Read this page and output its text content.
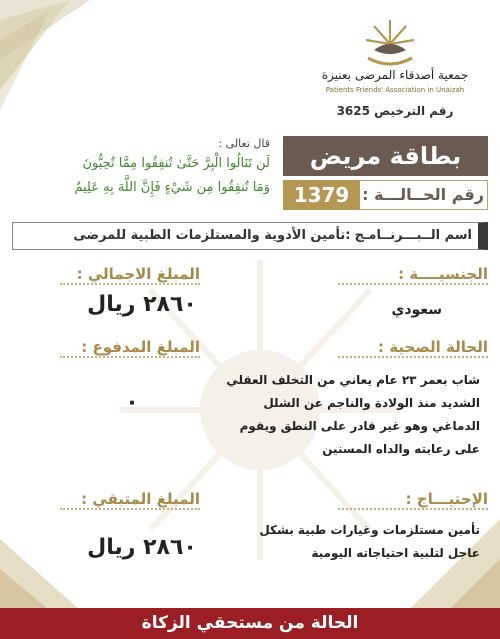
جمعية أصدقاء المرضى بعنيزة
Patients Friends' Association in Unaizah
رقم الترخيص 3625
بطاقة مريض
رقم الحــالـــة :
1379
قال تعالى :
لَن تَنَالُوا الْبِرَّ حَتَّىٰ تُنفِقُوا مِمَّا تُحِبُّونَ
وَمَا تُنفِقُوا مِن شَيْءٍ فَإِنَّ اللَّهَ بِهِ عَلِيمٌ
اسم الــبـــرنــامـج :تأمين الأدوية والمستلزمات الطبية للمرضى
الجنسيــــة :
سعودي
الحالة الصحية :
شاب بعمر ٢٣ عام يعاني من التخلف العقلي
الشديد منذ الولادة والناجم عن الشلل
الدماغي وهو غير قادر على النطق ويقوم
على رعايته والداه المسنين
الإحتيـــاج :
تأمين مستلزمات وغيارات طبية بشكل
عاجل لتلبية احتياجاته اليومية
المبلغ الاجمالي :
٢٨٦٠ ريال
المبلغ المدفوع :
٠
المبلغ المتبقي :
٢٨٦٠ ريال
الحالة من مستحقي الزكاة
